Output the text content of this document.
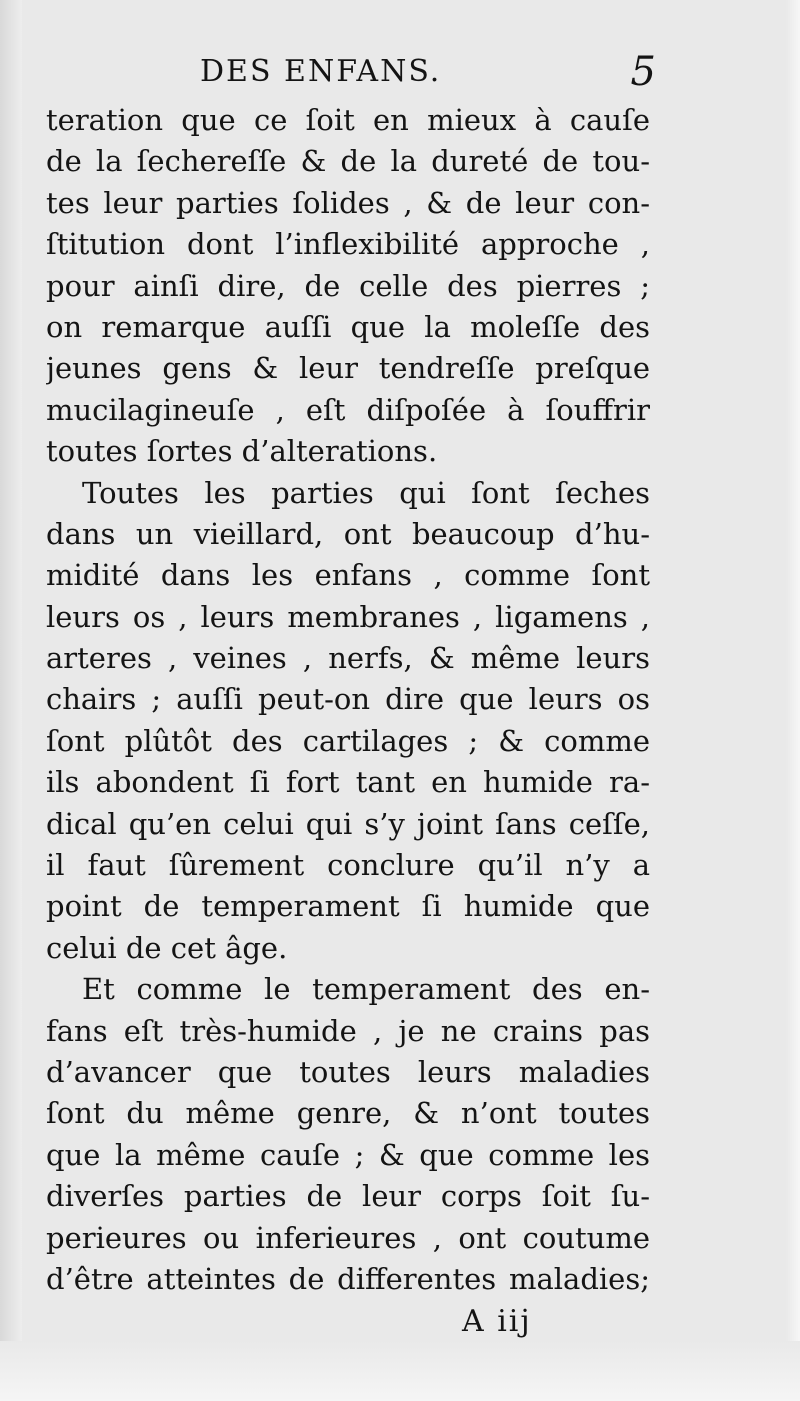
DES ENFANS.	5
teration que ce ſoit en mieux à cauſe
de la ſechereſſe & de la dureté de tou-
tes leur parties ſolides , & de leur con-
ſtitution dont l’inflexibilité approche ,
pour ainſi dire, de celle des pierres ;
on remarque auſſi que la moleſſe des
jeunes gens & leur tendreſſe preſque
mucilagineuſe , eſt diſpoſée à ſouffrir
toutes ſortes d’alterations.
Toutes les parties qui ſont ſeches
dans un vieillard, ont beaucoup d’hu-
midité dans les enfans , comme ſont
leurs os , leurs membranes , ligamens ,
arteres , veines , nerfs, & même leurs
chairs ; auſſi peut-on dire que leurs os
ſont plûtôt des cartilages ; & comme
ils abondent ſi fort tant en humide ra-
dical qu’en celui qui s’y joint ſans ceſſe,
il faut ſûrement conclure qu’il n’y a
point de temperament ſi humide que
celui de cet âge.
Et comme le temperament des en-
fans eſt très-humide , je ne crains pas
d’avancer que toutes leurs maladies
ſont du même genre, & n’ont toutes
que la même cauſe ; & que comme les
diverſes parties de leur corps ſoit ſu-
perieures ou inferieures , ont coutume
d’être atteintes de differentes maladies;
A iij
